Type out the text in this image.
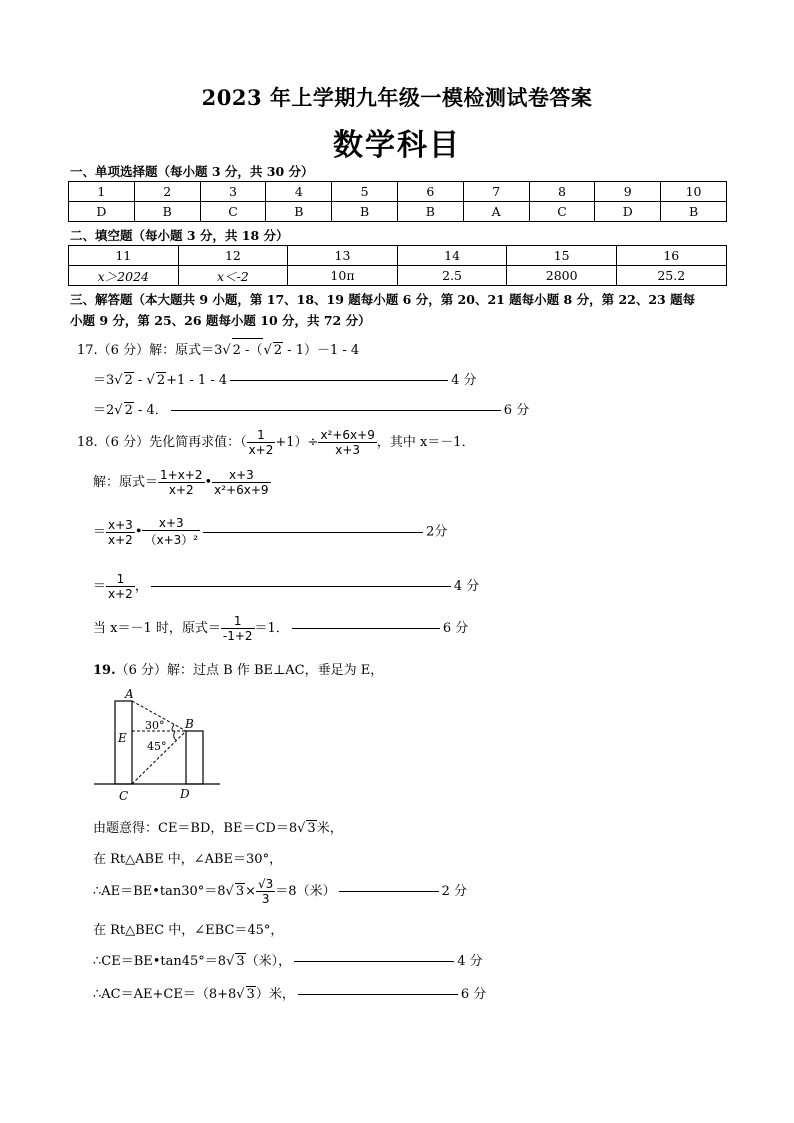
2023 年上学期九年级一模检测试卷答案
数学科目
一、单项选择题（每小题 3 分，共 30 分）
1	2	3	4	5	6	7	8	9	10
D	B	C	B	B	B	A	C	D	B
二、填空题（每小题 3 分，共 18 分）
11	12	13	14	15	16
x＞2024	x＜-2	10π	2.5	2800	25.2
三、解答题（本大题共 9 小题，第 17、18、19 题每小题 6 分，第 20、21 题每小题 8 分，第 22、23 题每
小题 9 分，第 25、26 题每小题 10 分，共 72 分）
17.（6 分）解：原式＝3√ 2 -（√ 2 - 1）－1 - 4
＝3√ 2 - √ 2+1 - 1 - 4	4 分
＝2√ 2 - 4．	6 分
18.（6 分）先化简再求值：（ $\frac{1}{x+2} +1)\div \frac{\text{x²+6x+9}}{x+3}$ ，其中 x＝－1．
解：原式＝ $\frac{1+x+2}{x+2}$ • $\frac{x+3}{\text{x²+6x+9}}$
＝ $\frac{x+3}{x+2}$ • $\frac{x+3}{\text{（x+3）²}}$	2分
＝ $\frac{1}{x+2}$ ，	4 分
当 x＝－1 时，原式＝ $\frac{1}{-1+2} =1$．	6 分
19.（6 分）解：过点 B 作 BE⊥AC，垂足为 E，
A
B
C	D
E
30°
45°
由题意得：CE＝BD，BE＝CD＝8√ 3米，
在 Rt△ABE 中，∠ABE＝30°，
∴AE＝BE•tan30°＝8√ $3\times \frac{√3}{3} =8$（米）	2 分
在 Rt△BEC 中，∠EBC＝45°，
∴CE＝BE•tan45°＝8√ 3（米），	4 分
∴AC＝AE+CE＝（8+8√ 3）米，	6 分
